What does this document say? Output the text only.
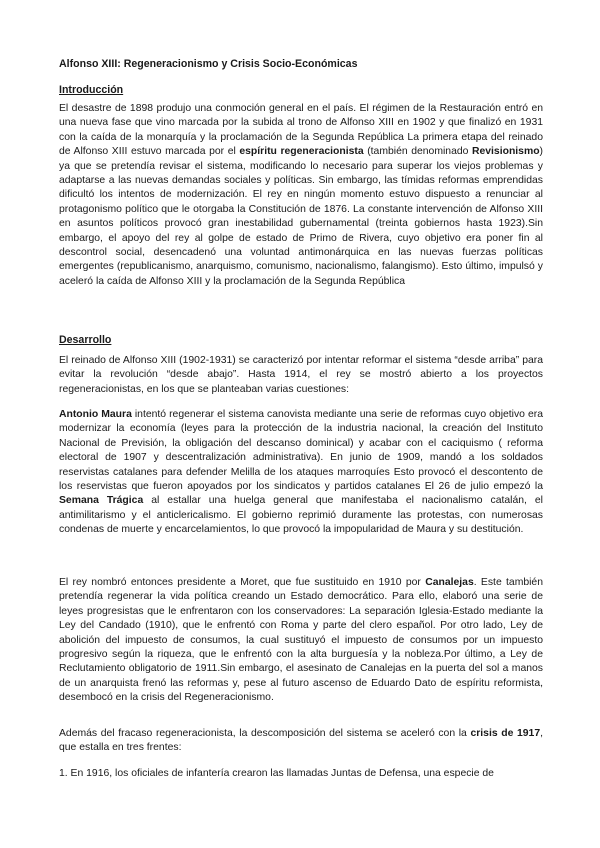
Alfonso XIII: Regeneracionismo y Crisis Socio-Económicas
Introducción

El desastre de 1898 produjo una conmoción general en el país. El régimen de la Restauración entró en una nueva fase que vino marcada por la subida al trono de Alfonso XIII en 1902 y que finalizó en 1931 con la caída de la monarquía y la proclamación de la Segunda República La primera etapa del reinado de Alfonso XIII estuvo marcada por el espíritu regeneracionista (también denominado Revisionismo) ya que se pretendía revisar el sistema, modificando lo necesario para superar los viejos problemas y adaptarse a las nuevas demandas sociales y políticas. Sin embargo, las tímidas reformas emprendidas dificultó los intentos de modernización. El rey en ningún momento estuvo dispuesto a renunciar al protagonismo político que le otorgaba la Constitución de 1876. La constante intervención de Alfonso XIII en asuntos políticos provocó gran inestabilidad gubernamental (treinta gobiernos hasta 1923).Sin embargo, el apoyo del rey al golpe de estado de Primo de Rivera, cuyo objetivo era poner fin al descontrol social, desencadenó una voluntad antimonárquica en las nuevas fuerzas políticas emergentes (republicanismo, anarquismo, comunismo, nacionalismo, falangismo). Esto último, impulsó y aceleró la caída de Alfonso XIII y la proclamación de la Segunda República

Desarrollo

El reinado de Alfonso XIII (1902-1931) se caracterizó por intentar reformar el sistema “desde arriba” para evitar la revolución “desde abajo”. Hasta 1914, el rey se mostró abierto a los proyectos regeneracionistas, en los que se planteaban varias cuestiones:

Antonio Maura intentó regenerar el sistema canovista mediante una serie de reformas cuyo objetivo era modernizar la economía (leyes para la protección de la industria nacional, la creación del Instituto Nacional de Previsión, la obligación del descanso dominical) y acabar con el caciquismo ( reforma electoral de 1907 y descentralización administrativa). En junio de 1909, mandó a los soldados reservistas catalanes para defender Melilla de los ataques marroquíes Esto provocó el descontento de los reservistas que fueron apoyados por los sindicatos y partidos catalanes El 26 de julio empezó la Semana Trágica al estallar una huelga general que manifestaba el nacionalismo catalán, el antimilitarismo y el anticlericalismo. El gobierno reprimió duramente las protestas, con numerosas condenas de muerte y encarcelamientos, lo que provocó la impopularidad de Maura y su destitución.

El rey nombró entonces presidente a Moret, que fue sustituido en 1910 por Canalejas. Este también pretendía regenerar la vida política creando un Estado democrático. Para ello, elaboró una serie de leyes progresistas que le enfrentaron con los conservadores: La separación Iglesia-Estado mediante la Ley del Candado (1910), que le enfrentó con Roma y parte del clero español. Por otro lado, Ley de abolición del impuesto de consumos, la cual sustituyó el impuesto de consumos por un impuesto progresivo según la riqueza, que le enfrentó con la alta burguesía y la nobleza.Por último, a Ley de Reclutamiento obligatorio de 1911.Sin embargo, el asesinato de Canalejas en la puerta del sol a manos de un anarquista frenó las reformas y, pese al futuro ascenso de Eduardo Dato de espíritu reformista, desembocó en la crisis del Regeneracionismo.

Además del fracaso regeneracionista, la descomposición del sistema se aceleró con la crisis de 1917, que estalla en tres frentes:

1. En 1916, los oficiales de infantería crearon las llamadas Juntas de Defensa, una especie de
